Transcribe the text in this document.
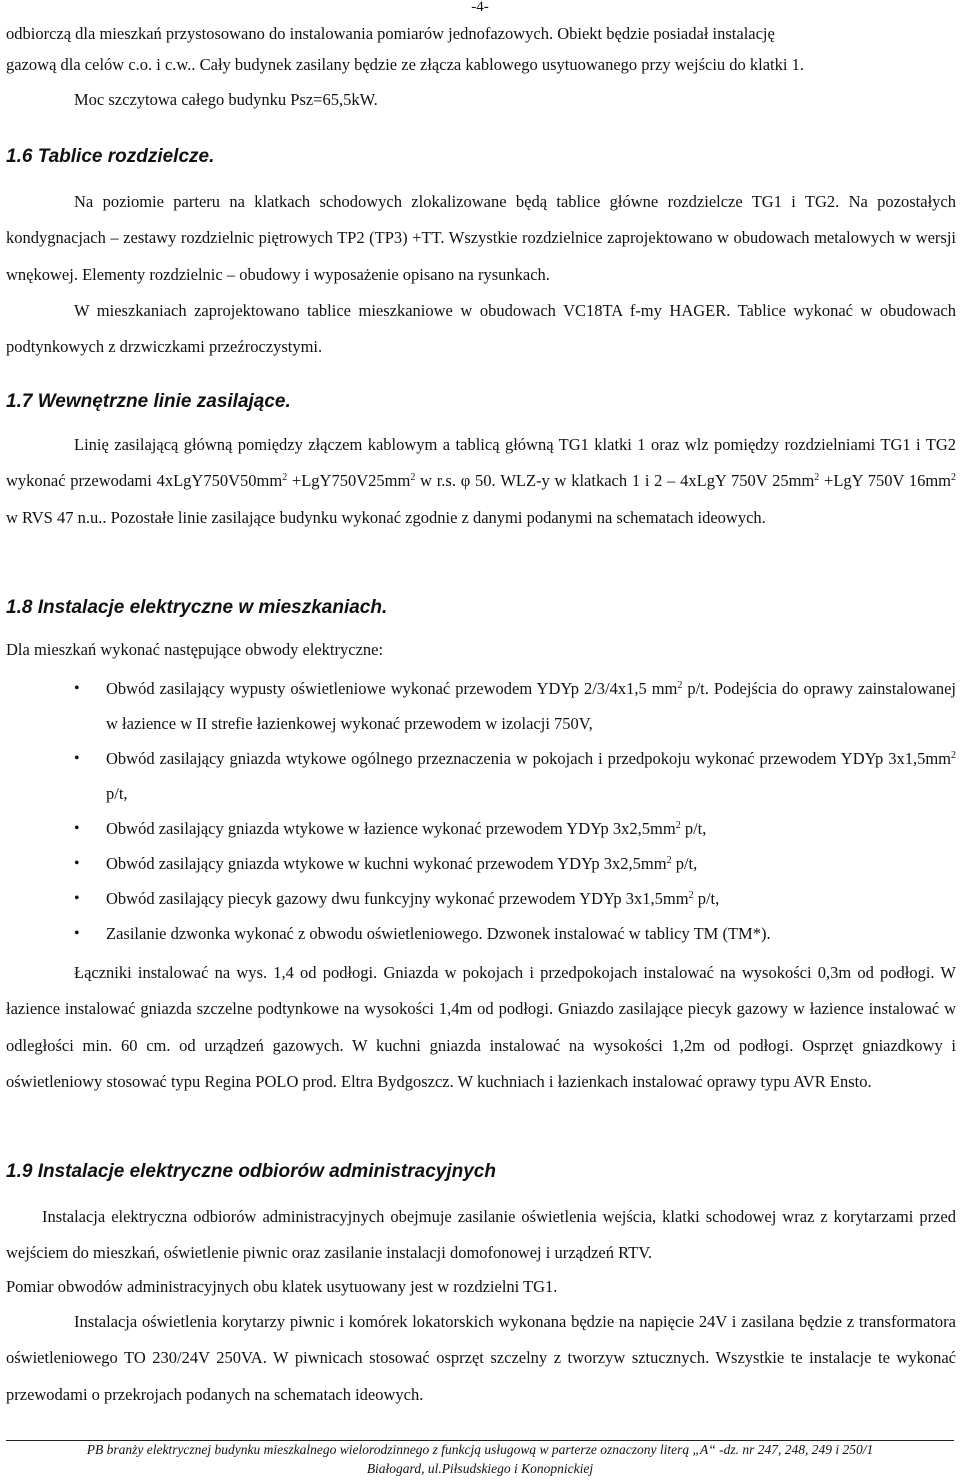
-4-

odbiorczą dla mieszkań przystosowano do instalowania pomiarów jednofazowych. Obiekt będzie posiadał instalację

gazową dla celów c.o. i c.w.. Cały budynek zasilany będzie ze złącza kablowego usytuowanego przy wejściu do klatki 1.

Moc szczytowa całego budynku Psz=65,5kW.

1.6 Tablice rozdzielcze.

Na poziomie parteru na klatkach schodowych zlokalizowane będą tablice główne rozdzielcze TG1 i TG2. Na pozostałych kondygnacjach – zestawy rozdzielnic piętrowych TP2 (TP3) +TT. Wszystkie rozdzielnice zaprojektowano w obudowach metalowych w wersji wnękowej. Elementy rozdzielnic – obudowy i wyposażenie opisano na rysunkach.

W mieszkaniach zaprojektowano tablice mieszkaniowe w obudowach VC18TA f-my HAGER. Tablice wykonać w obudowach podtynkowych z drzwiczkami przeźroczystymi.

1.7 Wewnętrzne linie zasilające.

Linię zasilającą główną pomiędzy złączem kablowym a tablicą główną TG1 klatki 1 oraz wlz pomiędzy rozdzielniami TG1 i TG2 wykonać przewodami $4xLgY750V50mm^2 +LgY750V25mm^2$ w r.s. φ 50. WLZ-y w klatkach 1 i 2 – 4xLgY 750V $25mm^2 +LgY$ 750V $16mm^2$ w RVS 47 n.u.. Pozostałe linie zasilające budynku wykonać zgodnie z danymi podanymi na schematach ideowych.

1.8 Instalacje elektryczne w mieszkaniach.

Dla mieszkań wykonać następujące obwody elektryczne:

• Obwód zasilający wypusty oświetleniowe wykonać przewodem YDYp 2/3/4x1,5 $mm^2$ p/t. Podejścia do oprawy zainstalowanej w łazience w II strefie łazienkowej wykonać przewodem w izolacji 750V,
• Obwód zasilający gniazda wtykowe ogólnego przeznaczenia w pokojach i przedpokoju wykonać przewodem YDYp $3x1,5mm^2$ p/t,
• Obwód zasilający gniazda wtykowe w łazience wykonać przewodem YDYp $3x2,5mm^2$ p/t,
• Obwód zasilający gniazda wtykowe w kuchni wykonać przewodem YDYp $3x2,5mm^2$ p/t,
• Obwód zasilający piecyk gazowy dwu funkcyjny wykonać przewodem YDYp $3x1,5mm^2$ p/t,
• Zasilanie dzwonka wykonać z obwodu oświetleniowego. Dzwonek instalować w tablicy TM (TM*).

Łączniki instalować na wys. 1,4 od podłogi. Gniazda w pokojach i przedpokojach instalować na wysokości 0,3m od podłogi. W łazience instalować gniazda szczelne podtynkowe na wysokości 1,4m od podłogi. Gniazdo zasilające piecyk gazowy w łazience instalować w odległości min. 60 cm. od urządzeń gazowych. W kuchni gniazda instalować na wysokości 1,2m od podłogi. Osprzęt gniazdkowy i oświetleniowy stosować typu Regina POLO prod. Eltra Bydgoszcz. W kuchniach i łazienkach instalować oprawy typu AVR Ensto.

1.9 Instalacje elektryczne odbiorów administracyjnych

Instalacja elektryczna odbiorów administracyjnych obejmuje zasilanie oświetlenia wejścia, klatki schodowej wraz z korytarzami przed wejściem do mieszkań, oświetlenie piwnic oraz zasilanie instalacji domofonowej i urządzeń RTV.

Pomiar obwodów administracyjnych obu klatek usytuowany jest w rozdzielni TG1.

Instalacja oświetlenia korytarzy piwnic i komórek lokatorskich wykonana będzie na napięcie 24V i zasilana będzie z transformatora oświetleniowego TO 230/24V 250VA. W piwnicach stosować osprzęt szczelny z tworzyw sztucznych. Wszystkie te instalacje te wykonać przewodami o przekrojach podanych na schematach ideowych.

PB branży elektrycznej budynku mieszkalnego wielorodzinnego z funkcją usługową w parterze oznaczony literą „A“ -dz. nr 247, 248, 249 i 250/1

Białogard, ul.Piłsudskiego i Konopnickiej
